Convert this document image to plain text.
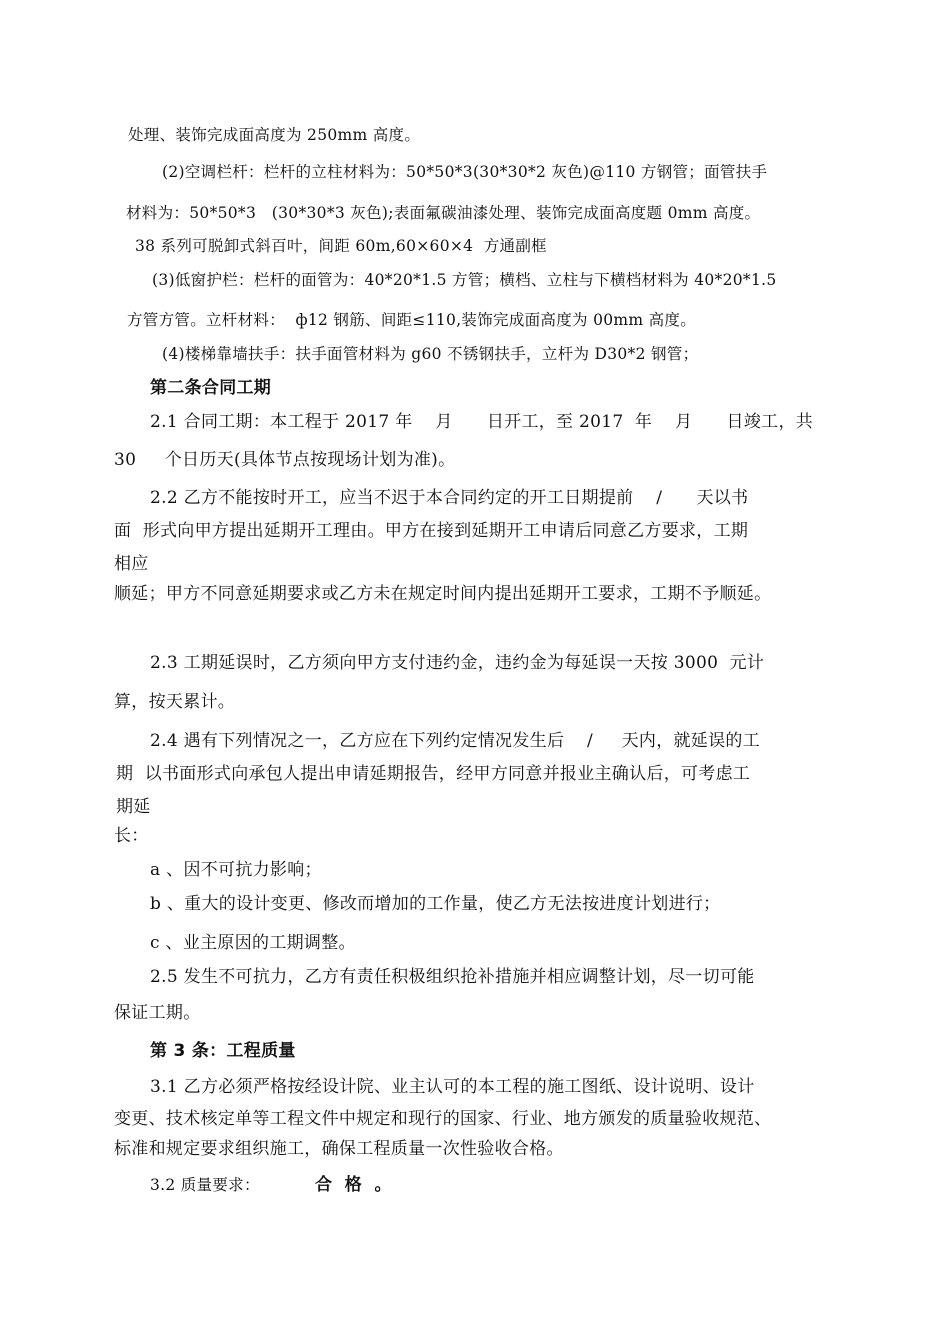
处理、装饰完成面高度为 250mm 高度。
(2)空调栏杆：栏杆的立柱材料为：50*50*3(30*30*2 灰色)@110 方钢管；面管扶手
材料为：50*50*3   (30*30*3 灰色);表面氟碳油漆处理、装饰完成面高度题 0mm 高度。
38 系列可脱卸式斜百叶，间距 60m,60×60×4  方通副框
(3)低窗护栏：栏杆的面管为：40*20*1.5 方管；横档、立柱与下横档材料为 40*20*1.5
方管方管。立杆材料：  ф12 钢筋、间距≤110,装饰完成面高度为 00mm 高度。
(4)楼梯靠墙扶手：扶手面管材料为 g60 不锈钢扶手，立杆为 D30*2 钢管；
第二条合同工期
2.1 合同工期：本工程于 2017 年    月      日开工，至 2017  年    月      日竣工，共
30     个日历天(具体节点按现场计划为准)。
2.2 乙方不能按时开工，应当不迟于本合同约定的开工日期提前    /      天以书
面  形式向甲方提出延期开工理由。甲方在接到延期开工申请后同意乙方要求，工期
相应
顺延；甲方不同意延期要求或乙方未在规定时间内提出延期开工要求，工期不予顺延。
2.3 工期延误时，乙方须向甲方支付违约金，违约金为每延误一天按 3000  元计
算，按天累计。
2.4 遇有下列情况之一，乙方应在下列约定情况发生后    /     天内，就延误的工
期  以书面形式向承包人提出申请延期报告，经甲方同意并报业主确认后，可考虑工
期延
长：
a 、因不可抗力影响；
b 、重大的设计变更、修改而增加的工作量，使乙方无法按进度计划进行；
c 、业主原因的工期调整。
2.5 发生不可抗力，乙方有责任积极组织抢补措施并相应调整计划，尽一切可能
保证工期。
第 3 条：工程质量
3.1 乙方必须严格按经设计院、业主认可的本工程的施工图纸、设计说明、设计
变更、技术核定单等工程文件中规定和现行的国家、行业、地方颁发的质量验收规范、
标准和规定要求组织施工，确保工程质量一次性验收合格。
3.2 质量要求：	合  格  。
